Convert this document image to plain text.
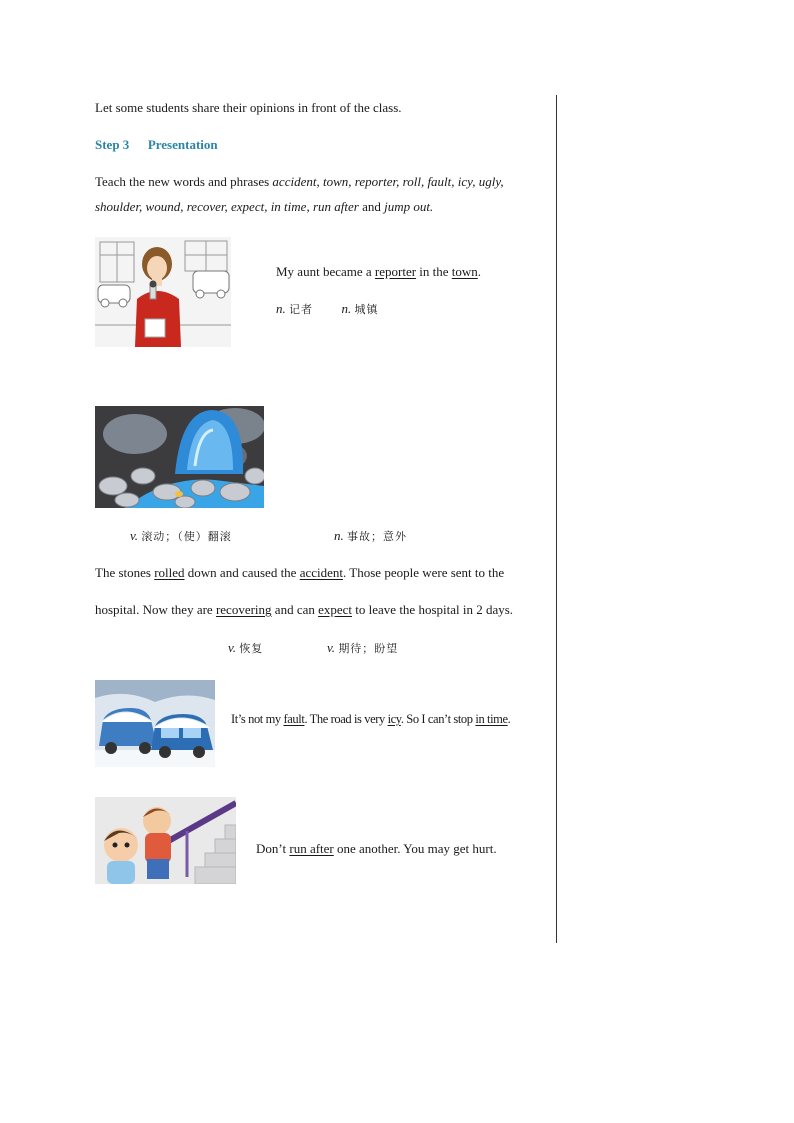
Let some students share their opinions in front of the class.
Step 3 Presentation
Teach the new words and phrases accident, town, reporter, roll, fault, icy, ugly,
shoulder, wound, recover, expect, in time, run after and jump out.
My aunt became a reporter in the town.
n. 记者 n. 城镇
v. 滚动；（使）翻滚	n. 事故；意外
The stones rolled down and caused the accident. Those people were sent to the
hospital. Now they are recovering and can expect to leave the hospital in 2 days.
v. 恢复	v. 期待；盼望
It’s not my fault. The road is very icy. So I can’t stop in time.
Don’t run after one another. You may get hurt.
